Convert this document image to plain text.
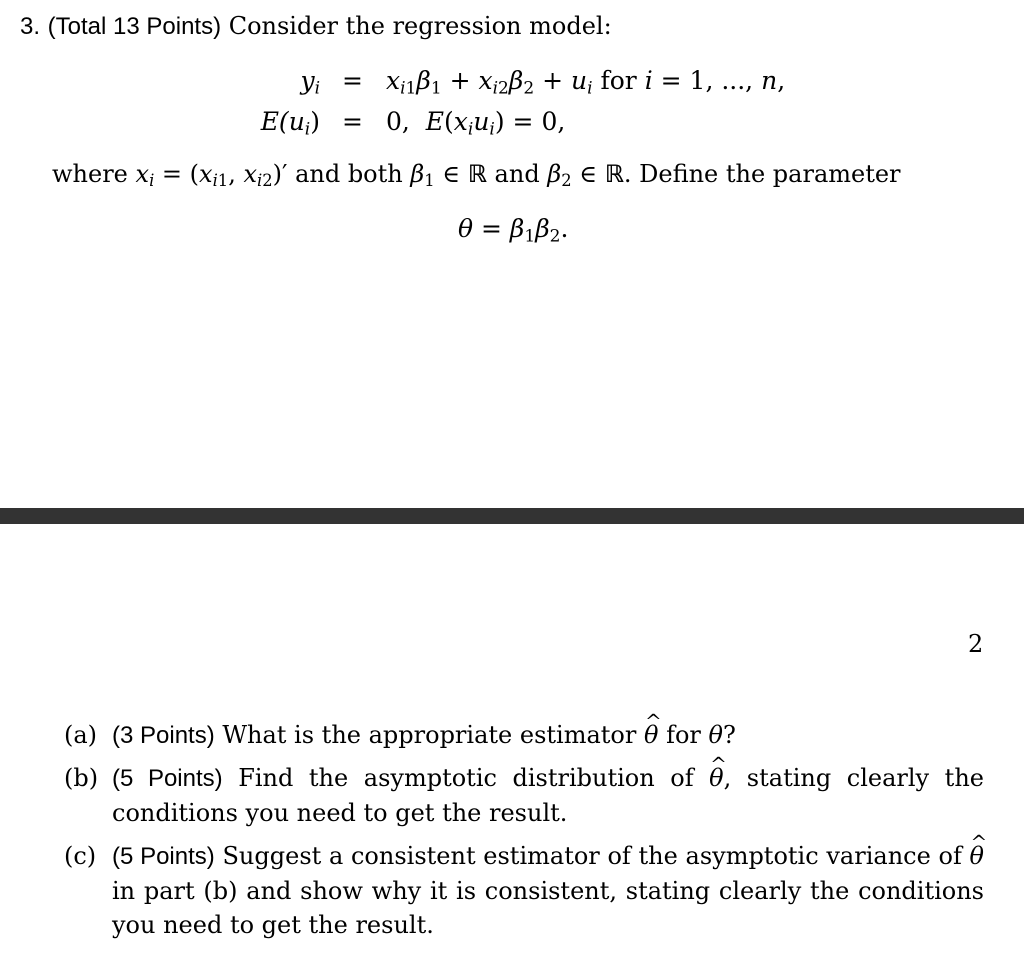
3. (Total 13 Points) Consider the regression model:
$y_i = x_{i1}\beta_1 + x_{i2}\beta_2 + u_i$ for i = 1, ..., n,
$E(u_i) = 0$,  $E(x_iu_i) = 0$,
where $x_i = (x_{i1}$, $x_{i2})'$ and both $\beta_1$ ∈ ℝ and $\beta_2$ ∈ ℝ. Define the parameter
$\theta = \beta_1\beta_2$.
2
(a) (3 Points) What is the appropriate estimator ^ θ for θ?
(b) (5 Points) Find the asymptotic distribution of ^ θ, stating clearly the conditions you need to get the result.
(c) (5 Points) Suggest a consistent estimator of the asymptotic variance of ^ θ in part (b) and show why it is consistent, stating clearly the conditions you need to get the result.
